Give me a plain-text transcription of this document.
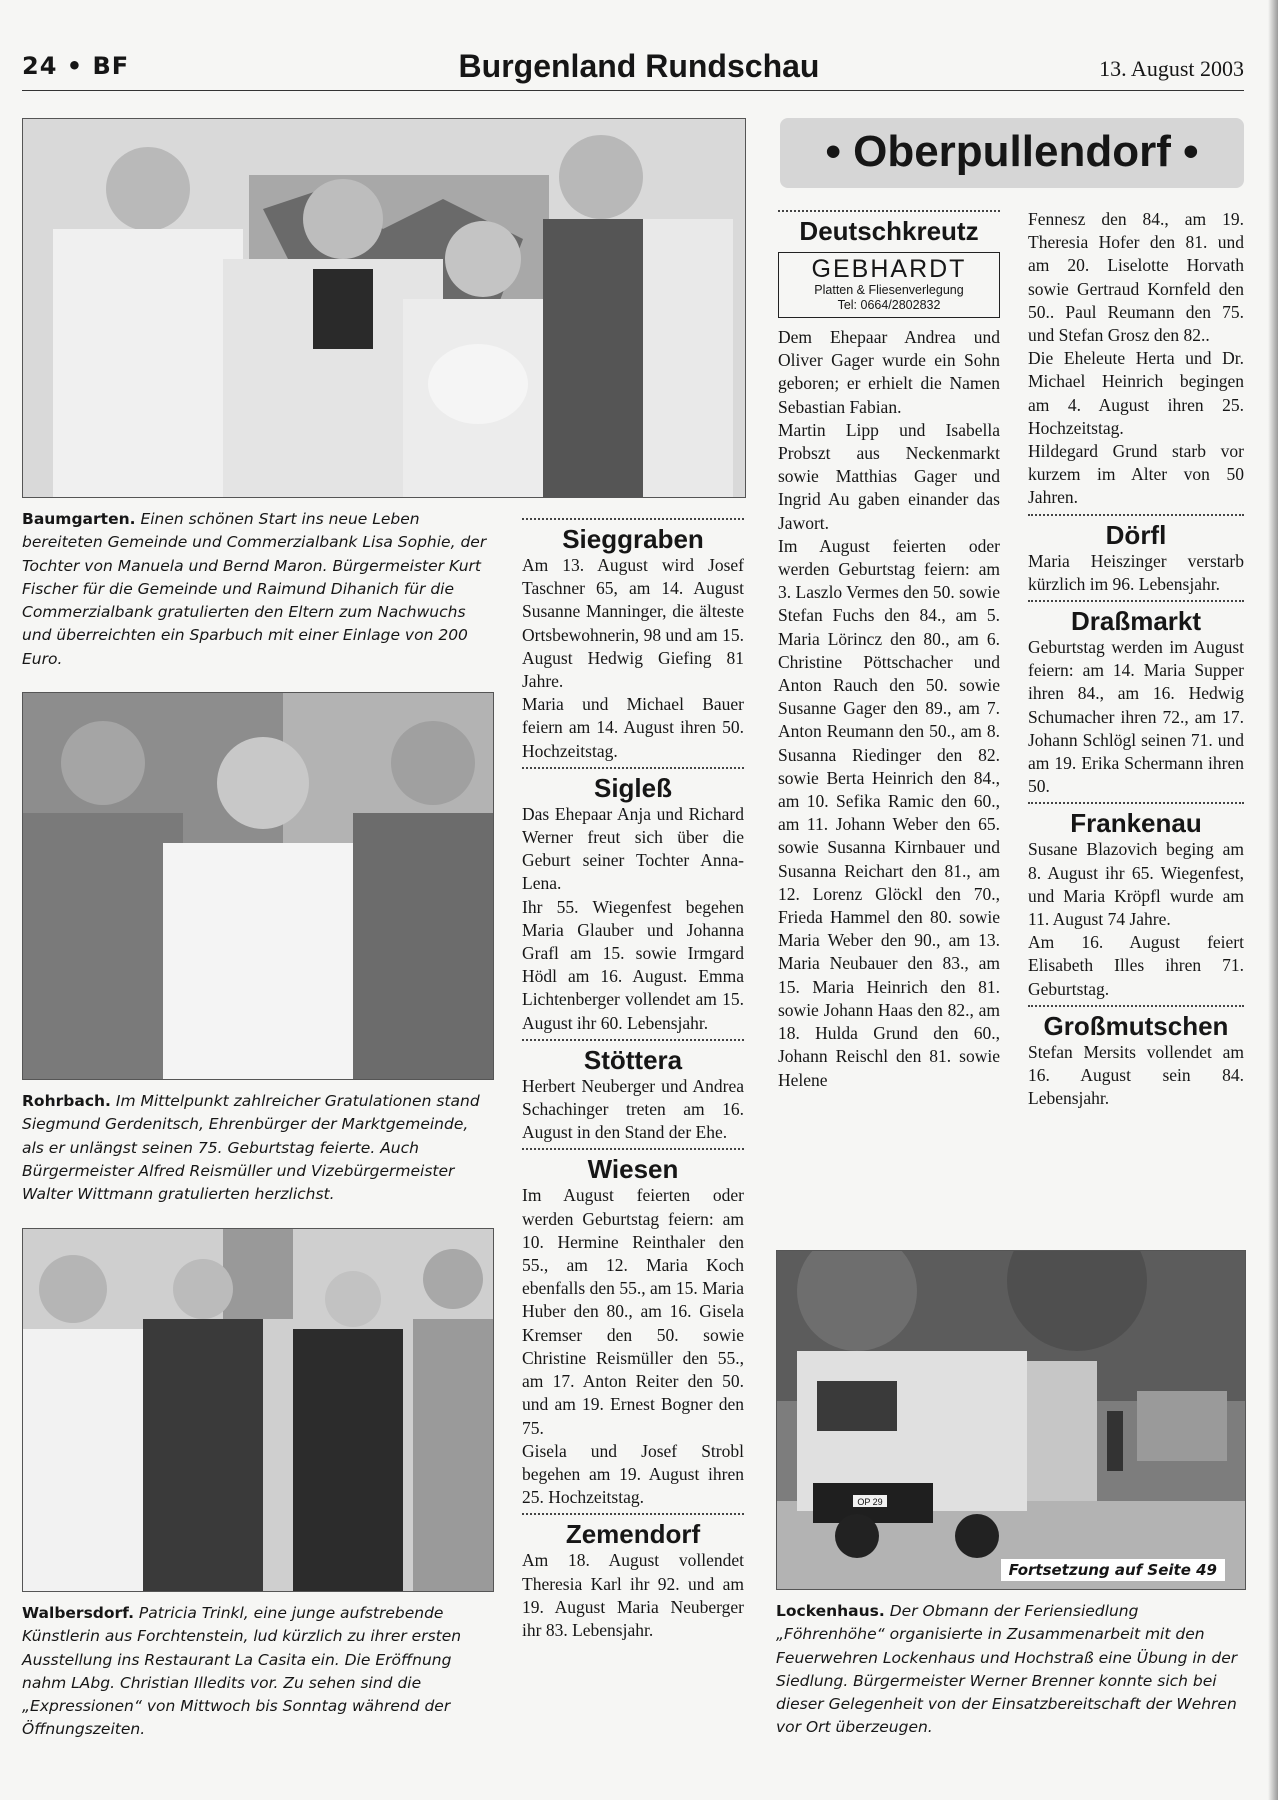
24 • BF	Burgenland Rundschau	13. August 2003
Baumgarten. Einen schönen Start ins neue Leben bereiteten Gemeinde und Commerzialbank Lisa Sophie, der Tochter von Manuela und Bernd Maron. Bürgermeister Kurt Fischer für die Gemeinde und Raimund Dihanich für die Commerzialbank gratulierten den Eltern zum Nachwuchs und überreichten ein Sparbuch mit einer Einlage von 200 Euro.
Rohrbach. Im Mittelpunkt zahlreicher Gratulationen stand Siegmund Gerdenitsch, Ehrenbürger der Marktgemeinde, als er unlängst seinen 75. Geburtstag feierte. Auch Bürgermeister Alfred Reismüller und Vizebürgermeister Walter Wittmann gratulierten herzlichst.
Walbersdorf. Patricia Trinkl, eine junge aufstrebende Künstlerin aus Forchtenstein, lud kürzlich zu ihrer ersten Ausstellung ins Restaurant La Casita ein. Die Eröffnung nahm LAbg. Christian Illedits vor. Zu sehen sind die „Expressionen“ von Mittwoch bis Sonntag während der Öffnungszeiten.
Sieggraben

Am 13. August wird Josef Taschner 65, am 14. August Susanne Manninger, die älteste Ortsbewohnerin, 98 und am 15. August Hedwig Giefing 81 Jahre.

Maria und Michael Bauer feiern am 14. August ihren 50. Hochzeitstag.

Sigleß

Das Ehepaar Anja und Richard Werner freut sich über die Geburt seiner Tochter Anna-Lena.

Ihr 55. Wiegenfest begehen Maria Glauber und Johanna Grafl am 15. sowie Irmgard Hödl am 16. August. Emma Lichtenberger vollendet am 15. August ihr 60. Lebensjahr.

Stöttera

Herbert Neuberger und Andrea Schachinger treten am 16. August in den Stand der Ehe.

Wiesen

Im August feierten oder werden Geburtstag feiern: am 10. Hermine Reinthaler den 55., am 12. Maria Koch ebenfalls den 55., am 15. Maria Huber den 80., am 16. Gisela Kremser den 50. sowie Christine Reismüller den 55., am 17. Anton Reiter den 50. und am 19. Ernest Bogner den 75.

Gisela und Josef Strobl begehen am 19. August ihren 25. Hochzeitstag.

Zemendorf

Am 18. August vollendet Theresia Karl ihr 92. und am 19. August Maria Neuberger ihr 83. Lebensjahr.

• Oberpullendorf •
Deutschkreutz
GEBHARDT
Platten & Fliesenverlegung
Tel: 0664/2802832

Dem Ehepaar Andrea und Oliver Gager wurde ein Sohn geboren; er erhielt die Namen Sebastian Fabian.

Martin Lipp und Isabella Probszt aus Neckenmarkt sowie Matthias Gager und Ingrid Au gaben einander das Jawort.

Im August feierten oder werden Geburtstag feiern: am 3. Laszlo Vermes den 50. sowie Stefan Fuchs den 84., am 5. Maria Lörincz den 80., am 6. Christine Pöttschacher und Anton Rauch den 50. sowie Susanne Gager den 89., am 7. Anton Reumann den 50., am 8. Susanna Riedinger den 82. sowie Berta Heinrich den 84., am 10. Sefika Ramic den 60., am 11. Johann Weber den 65. sowie Susanna Kirnbauer und Susanna Reichart den 81., am 12. Lorenz Glöckl den 70., Frieda Hammel den 80. sowie Maria Weber den 90., am 13. Maria Neubauer den 83., am 15. Maria Heinrich den 81. sowie Johann Haas den 82., am 18. Hulda Grund den 60., Johann Reischl den 81. sowie Helene

Fennesz den 84., am 19. Theresia Hofer den 81. und am 20. Liselotte Horvath sowie Gertraud Kornfeld den 50.. Paul Reumann den 75. und Stefan Grosz den 82..

Die Eheleute Herta und Dr. Michael Heinrich begingen am 4. August ihren 25. Hochzeitstag.

Hildegard Grund starb vor kurzem im Alter von 50 Jahren.

Dörfl

Maria Heiszinger verstarb kürzlich im 96. Lebensjahr.

Draßmarkt

Geburtstag werden im August feiern: am 14. Maria Supper ihren 84., am 16. Hedwig Schumacher ihren 72., am 17. Johann Schlögl seinen 71. und am 19. Erika Schermann ihren 50.

Frankenau

Susane Blazovich beging am 8. August ihr 65. Wiegenfest, und Maria Kröpfl wurde am 11. August 74 Jahre.

Am 16. August feiert Elisabeth Illes ihren 71. Geburtstag.

Großmutschen

Stefan Mersits vollendet am 16. August sein 84. Lebensjahr.

OP 29
Fortsetzung auf Seite 49
Lockenhaus. Der Obmann der Feriensiedlung „Föhrenhöhe“ organisierte in Zusammenarbeit mit den Feuerwehren Lockenhaus und Hochstraß eine Übung in der Siedlung. Bürgermeister Werner Brenner konnte sich bei dieser Gelegenheit von der Einsatzbereitschaft der Wehren vor Ort überzeugen.
